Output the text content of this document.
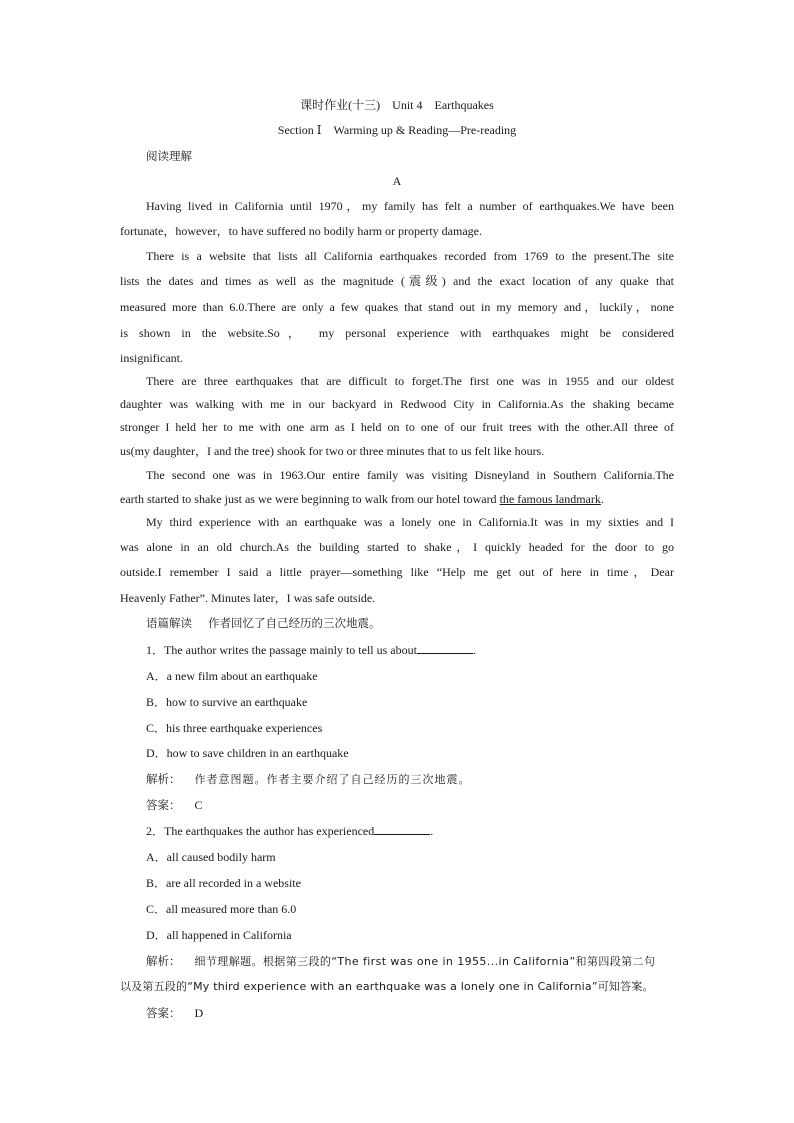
课时作业(十三)　Unit 4　Earthquakes
Section Ⅰ　Warming up & Reading—Pre-reading
阅读理解
A
Having lived in California until 1970，my family has felt a number of earthquakes.We have been
fortunate，however，to have suffered no bodily harm or property damage.
There is a website that lists all California earthquakes recorded from 1769 to the present.The site
lists the dates and times as well as the magnitude (震级) and the exact location of any quake that
measured more than 6.0.There are only a few quakes that stand out in my memory and，luckily，none
is shown in the website.So， my personal experience with earthquakes might be considered
insignificant.
There are three earthquakes that are difficult to forget.The first one was in 1955 and our oldest
daughter was walking with me in our backyard in Redwood City in California.As the shaking became
stronger I held her to me with one arm as I held on to one of our fruit trees with the other.All three of
us(my daughter，I and the tree) shook for two or three minutes that to us felt like hours.
The second one was in 1963.Our entire family was visiting Disneyland in Southern California.The
earth started to shake just as we were beginning to walk from our hotel toward the famous landmark.
My third experience with an earthquake was a lonely one in California.It was in my sixties and I
was alone in an old church.As the building started to shake，I quickly headed for the door to go
outside.I remember I said a little prayer—something like “Help me get out of here in time，Dear
Heavenly Father”. Minutes later，I was safe outside.
语篇解读 作者回忆了自己经历的三次地震。
1．The author writes the passage mainly to tell us about	.
A．a new film about an earthquake
B．how to survive an earthquake
C．his three earthquake experiences
D．how to save children in an earthquake
解析： 作者意图题。作者主要介绍了自己经历的三次地震。
答案： C
2．The earthquakes the author has experienced	.
A．all caused bodily harm
B．are all recorded in a website
C．all measured more than 6.0
D．all happened in California
解析： 细节理解题。根据第三段的“The first was one in 1955...in California”和第四段第二句
以及第五段的“My third experience with an earthquake was a lonely one in California”可知答案。
答案： D
